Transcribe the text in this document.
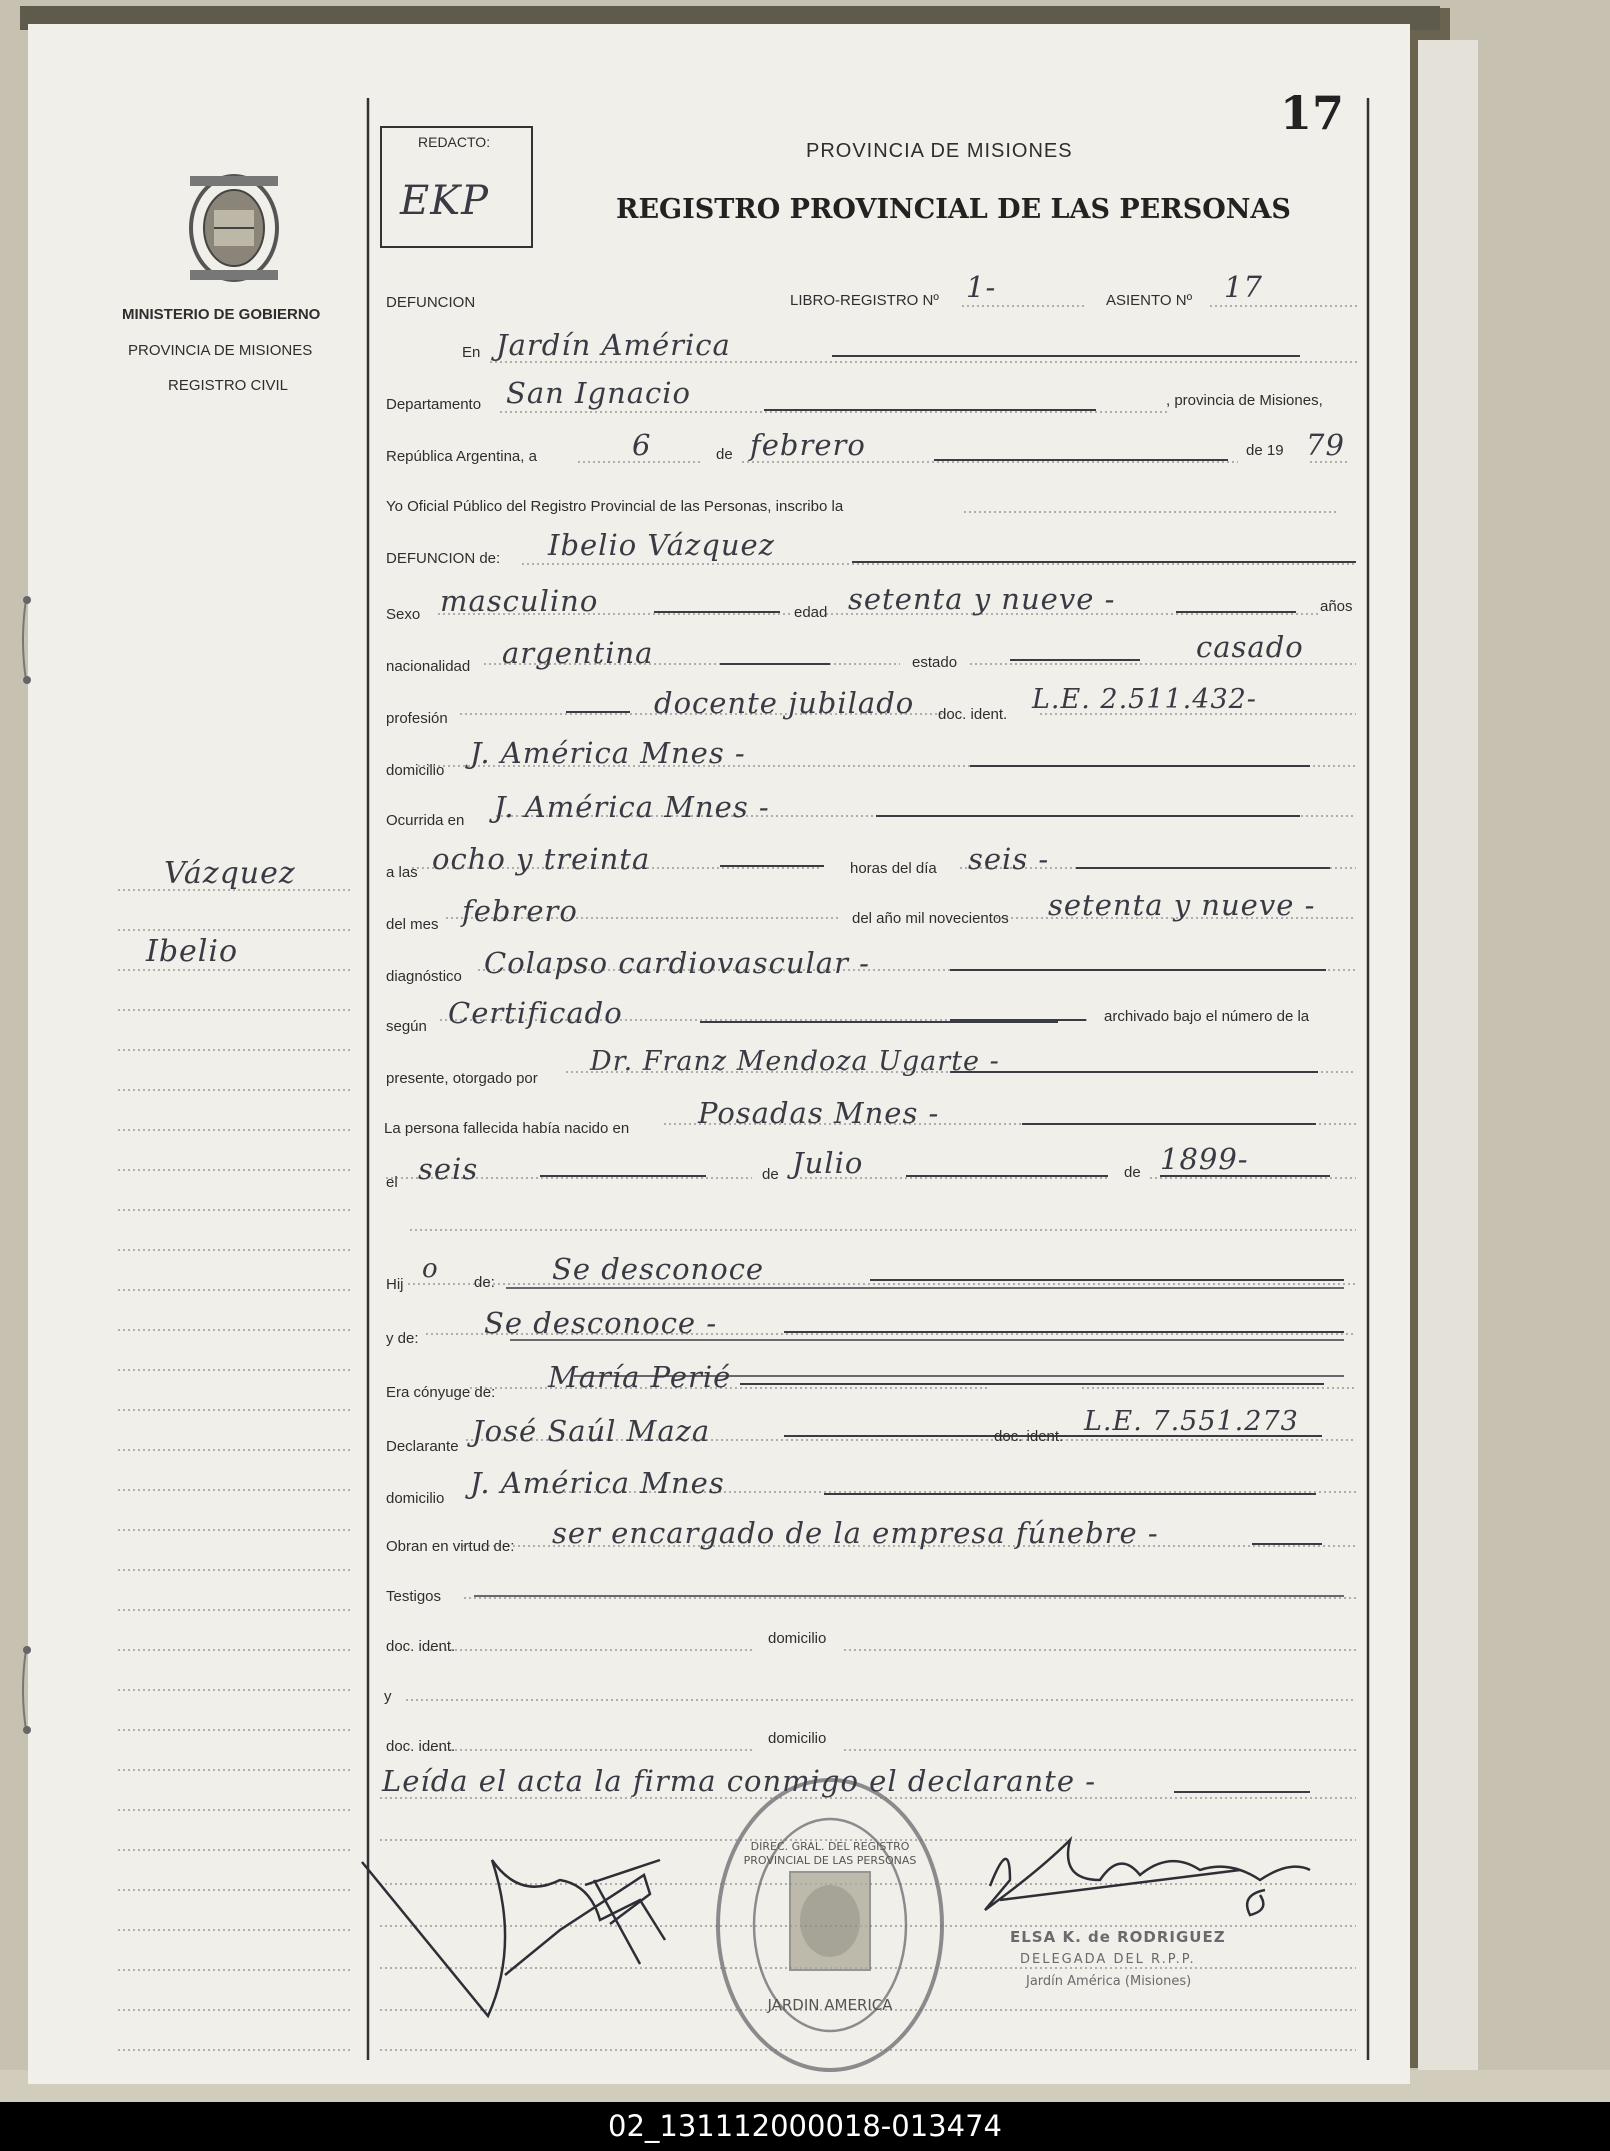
17
REDACTO:
EKP
PROVINCIA DE MISIONES
REGISTRO PROVINCIAL DE LAS PERSONAS
MINISTERIO DE GOBIERNO
PROVINCIA DE MISIONES
REGISTRO CIVIL
Vázquez
Ibelio
DEFUNCION	LIBRO-REGISTRO Nº 1-	ASIENTO Nº 17
En Jardín América
Departamento San Ignacio	, provincia de Misiones,
República Argentina, a	6	de febrero	de 19 79
Yo Oficial Público del Registro Provincial de las Personas, inscribo la
DEFUNCION de: Ibelio Vázquez
Sexo masculino	edad setenta y nueve -	años
nacionalidad argentina	estado	casado
profesión	docente jubilado doc. ident. L.E. 2.511.432-
domicilio
J. América Mnes -
Ocurrida en J. América Mnes -
a las ocho y treinta	horas del día seis -
del mes febrero	del año mil novecientos setenta y nueve -
diagnóstico Colapso cardiovascular -
según Certificado	archivado bajo el número de la
presente, otorgado por
Dr. Franz Mendoza Ugarte -
La persona fallecida había nacido en Posadas Mnes -
el seis	de Julio	de 1899-
Hij
o de: Se desconoce
y de: Se desconoce -
Era cónyuge de: María Perié
Declarante José Saúl Maza	doc. ident. L.E. 7.551.273
domicilio J. América Mnes
Obran en virtud de: ser encargado de la empresa fúnebre -
Testigos
doc. ident.	domicilio
y
doc. ident.	domicilio
Leída el acta la firma conmigo el declarante -
DIREC. GRAL. DEL REGISTRO PROVINCIAL DE LAS PERSONAS
JARDIN AMERICA
ELSA K. de RODRIGUEZ
DELEGADA DEL R.P.P.
Jardín América (Misiones)
02_131112000018-013474
